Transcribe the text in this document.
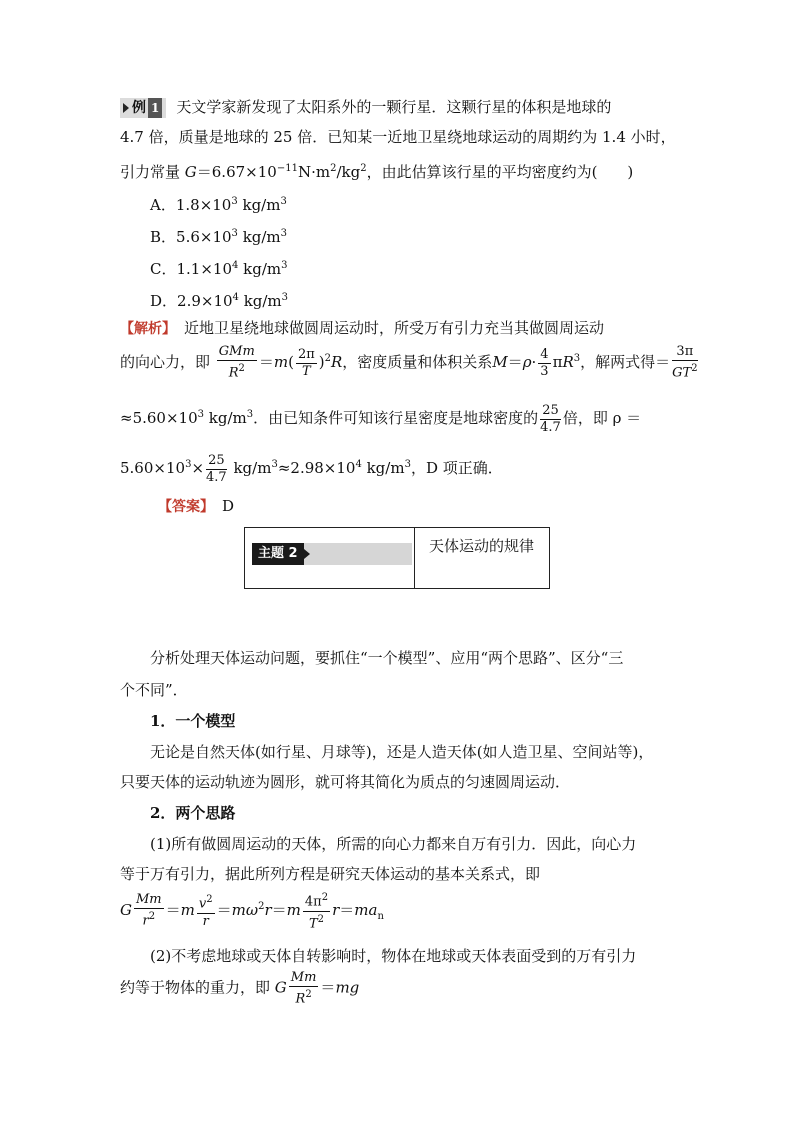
例 1 天文学家新发现了太阳系外的一颗行星．这颗行星的体积是地球的
4.7 倍，质量是地球的 25 倍．已知某一近地卫星绕地球运动的周期约为 1.4 小时，
引力常量 $G=6.67\times 10^{-11}N\cdot m^2/kg^2$，由此估算该行星的平均密度约为(　　)
A．$1.8\times 10^3$ $kg/m^3$
B．$5.6\times 10^3$ $kg/m^3$
C．$1.1\times 10^4$ $kg/m^3$
D．$2.9\times 10^4$ $kg/m^3$
【解析】　 近地卫星绕地球做圆周运动时，所受万有引力充当其做圆周运动
的向心力，即 $\frac{\text{GMm}}{R^2} =m( \frac{2\pi}{T} )^2R$，密度质量和体积关系$M=\rho\cdot \frac{4}{3} \pi R^3$，解两式得＝ $\frac{3\pi}{GT^2}$
$\approx 5.60\times 10^3$ $kg/m^3$．由已知条件可知该行星密度是地球密度的 $\frac{25}{4.7}$ 倍，即 ρ ＝
$5.60\times 10^3\times \frac{25}{4.7} kg/m^3\approx 2.98\times 10^4$ $kg/m^3$，D 项正确．
【答案】　 D
主题 2	天体运动的规律
分析处理天体运动问题，要抓住“一个模型”、应用“两个思路”、区分“三
个不同”．
1．一个模型
无论是自然天体(如行星、月球等)，还是人造天体(如人造卫星、空间站等)，
只要天体的运动轨迹为圆形，就可将其简化为质点的匀速圆周运动．
2．两个思路
(1)所有做圆周运动的天体，所需的向心力都来自万有引力．因此，向心力
等于万有引力，据此所列方程是研究天体运动的基本关系式，即
G $\frac{Mm}{r^2} =m \frac{v^2}{r} =m\omega^2r=m \frac{4\pi^2}{T^2} r=ma_n$
(2)不考虑地球或天体自转影响时，物体在地球或天体表面受到的万有引力
约等于物体的重力，即 G $\frac{Mm}{R^2} =mg$
